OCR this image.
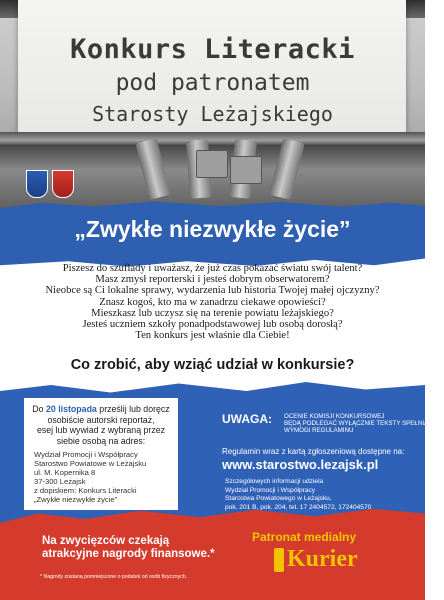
Konkurs Literacki
pod patronatem
Starosty Leżajskiego
„Zwykłe niezwykłe życie”
Piszesz do szuflady i uważasz, że już czas pokazać światu swój talent?
Masz zmysł reporterski i jesteś dobrym obserwatorem?
Nieobce są Ci lokalne sprawy, wydarzenia lub historia Twojej małej ojczyzny?
Znasz kogoś, kto ma w zanadrzu ciekawe opowieści?
Mieszkasz lub uczysz się na terenie powiatu leżajskiego?
Jesteś uczniem szkoły ponadpodstawowej lub osobą dorosłą?
Ten konkurs jest właśnie dla Ciebie!
Co zrobić, aby wziąć udział w konkursie?
Do 20 listopada prześlij lub doręcz
osobiście autorski reportaż,
esej lub wywiad z wybraną przez
siebie osobą na adres:
Wydział Promocji i Współpracy
Starostwo Powiatowe w Leżajsku
ul. M. Kopernika 8
37-300 Leżajsk
z dopiskiem: Konkurs Literacki
„Zwykłe niezwykłe życie”
UWAGA: OCENIE KOMISJI KONKURSOWEJ
BĘDĄ PODLEGAĆ WYŁĄCZNIE TEKSTY SPEŁNIAJĄCE
WYMOGI REGULAMINU
Regulamin wraz z kartą zgłoszeniową dostępne na:
www.starostwo.lezajsk.pl
Szczegółowych informacji udziela
Wydział Promocji i Współpracy
Starostwa Powiatowego w Leżajsku,
pok. 201 B, pok. 204, tel. 17 2404572, 172404570
Na zwycięzców czekają
atrakcyjne nagrody finansowe.*
* Nagrody zostaną pomniejszone o podatek od osób fizycznych.
Patronat medialny
Kurier
